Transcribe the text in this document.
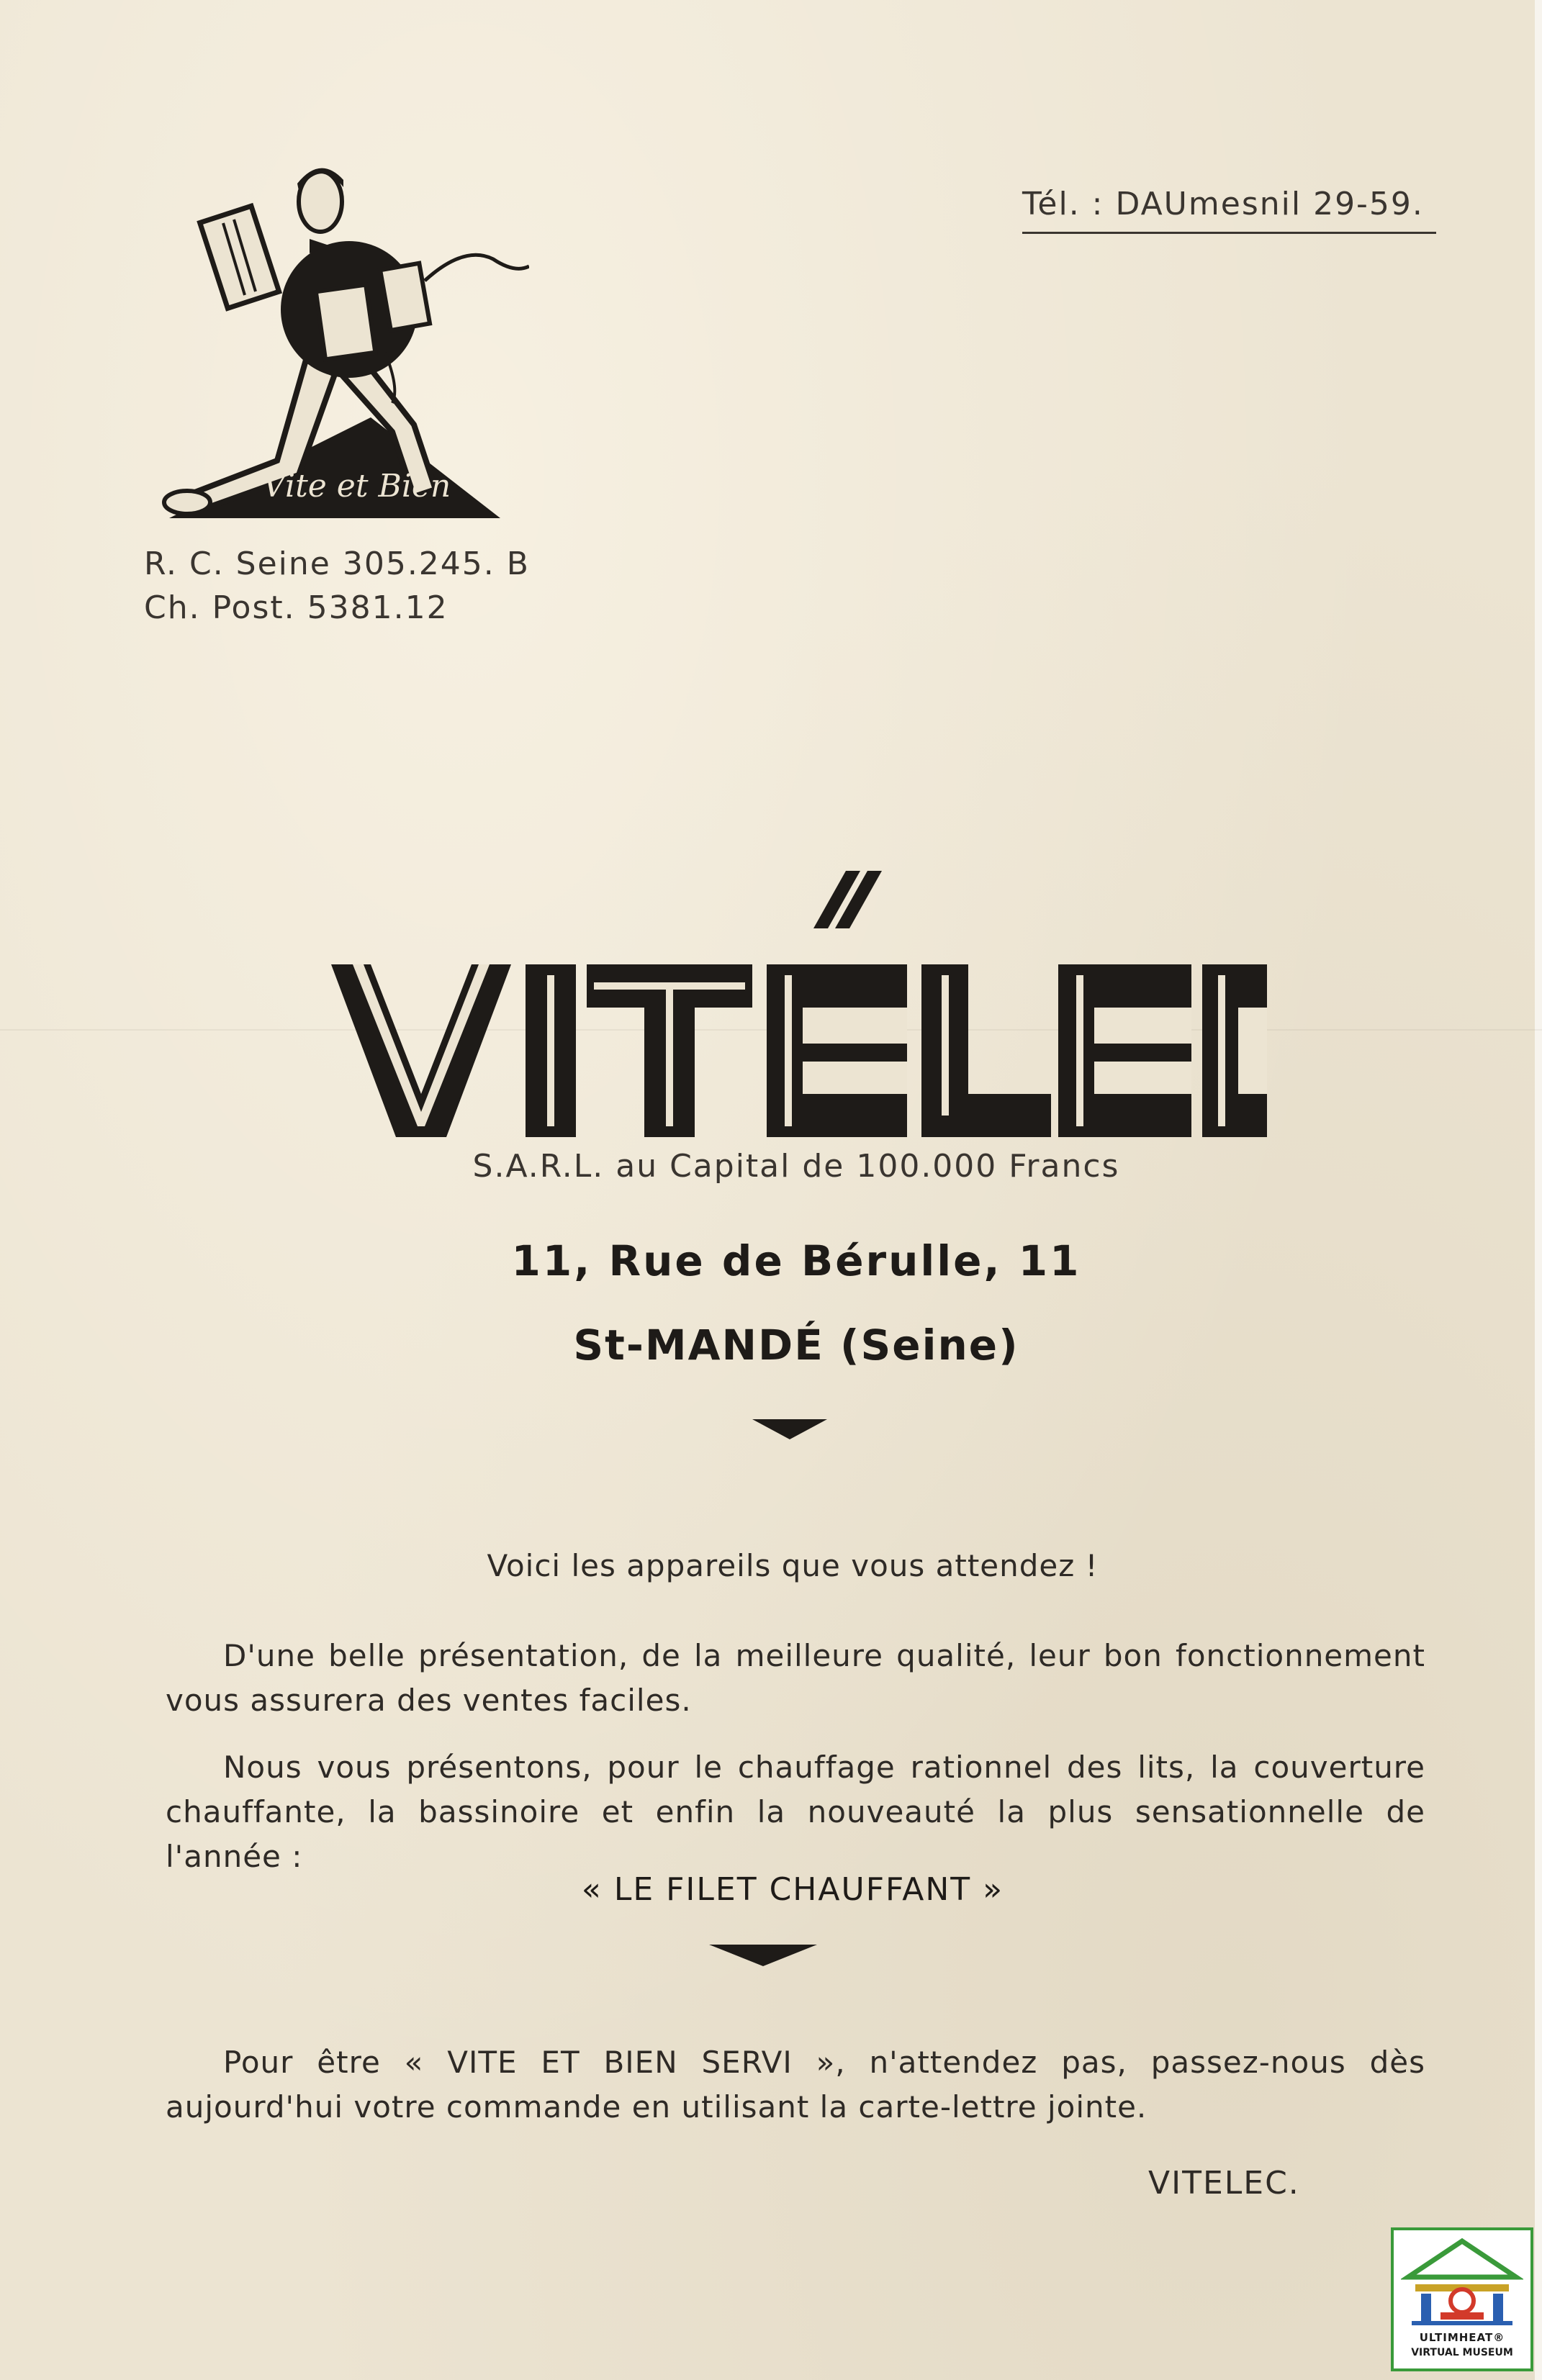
Vite et Bien
Tél. : DAUmesnil 29-59.
R. C. Seine 305.245. B
Ch. Post. 5381.12
S.A.R.L. au Capital de 100.000 Francs
11, Rue de Bérulle, 11
St-MANDÉ (Seine)
Voici les appareils que vous attendez !
D'une belle présentation, de la meilleure qualité, leur bon fonctionnement vous assurera des ventes faciles.
Nous vous présentons, pour le chauffage rationnel des lits, la couverture chauffante, la bassinoire et enfin la nouveauté la plus sensationnelle de l'année :
« LE FILET CHAUFFANT »
Pour être « VITE ET BIEN SERVI », n'attendez pas, passez-nous dès aujourd'hui votre commande en utilisant la carte-lettre jointe.
VITELEC.
ULTIMHEAT®
VIRTUAL MUSEUM
